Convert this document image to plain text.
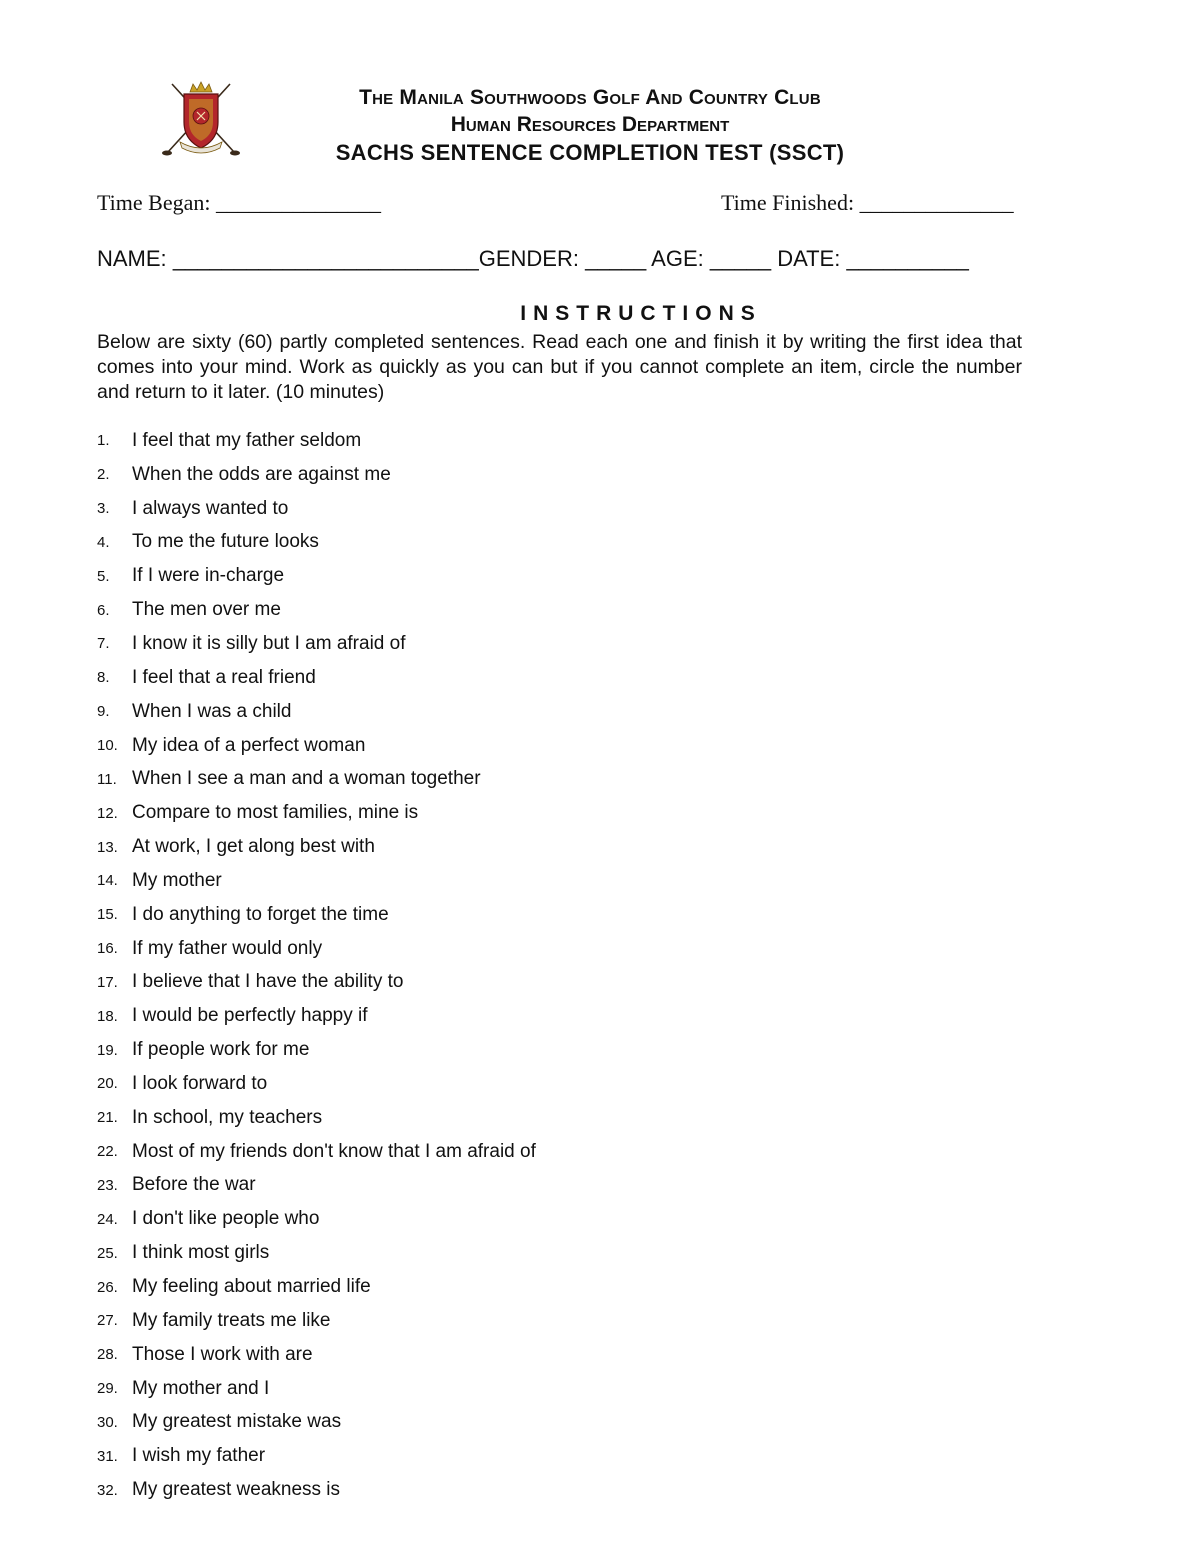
The Manila Southwoods Golf And Country Club
Human Resources Department
SACHS SENTENCE COMPLETION TEST (SSCT)
Time Began: _______________	Time Finished: ______________
NAME: _________________________GENDER: _____ AGE: _____ DATE: __________
INSTRUCTIONS
Below are sixty (60) partly completed sentences. Read each one and finish it by writing the first idea that comes into your mind. Work as quickly as you can but if you cannot complete an item, circle the number and return to it later. (10 minutes)
1.	I feel that my father seldom
2.	When the odds are against me
3.	I always wanted to
4.	To me the future looks
5.	If I were in-charge
6.	The men over me
7.	I know it is silly but I am afraid of
8.	I feel that a real friend
9.	When I was a child
10. My idea of a perfect woman
11. When I see a man and a woman together
12. Compare to most families, mine is
13. At work, I get along best with
14. My mother
15. I do anything to forget the time
16. If my father would only
17. I believe that I have the ability to
18. I would be perfectly happy if
19. If people work for me
20. I look forward to
21. In school, my teachers
22. Most of my friends don't know that I am afraid of
23. Before the war
24. I don't like people who
25. I think most girls
26. My feeling about married life
27. My family treats me like
28. Those I work with are
29. My mother and I
30. My greatest mistake was
31. I wish my father
32. My greatest weakness is
